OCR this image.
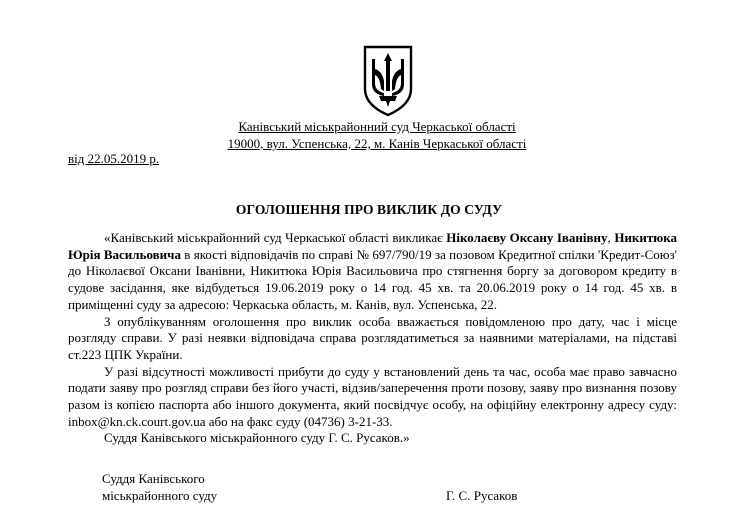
Канівський міськрайонний суд Черкаської області
19000, вул. Успенська, 22, м. Канів Черкаської області
від 22.05.2019 р.
ОГОЛОШЕННЯ ПРО ВИКЛИК ДО СУДУ

«Канівський міськрайонний суд Черкаської області викликає Ніколаєву Оксану Іванівну, Никитюка Юрія Васильовича в якості відповідачів по справі № 697/790/19 за позовом Кредитної спілки 'Кредит-Союз' до Ніколаєвої Оксани Іванівни, Никитюка Юрія Васильовича про стягнення боргу за договором кредиту в судове засідання, яке відбудеться 19.06.2019 року о 14 год. 45 хв. та 20.06.2019 року о 14 год. 45 хв. в приміщенні суду за адресою: Черкаська область, м. Канів, вул. Успенська, 22.

З опублікуванням оголошення про виклик особа вважається повідомленою про дату, час і місце розгляду справи. У разі неявки відповідача справа розглядатиметься за наявними матеріалами, на підставі ст.223 ЦПК України.

У разі відсутності можливості прибути до суду у встановлений день та час, особа має право завчасно подати заяву про розгляд справи без його участі, відзив/заперечення проти позову, заяву про визнання позову разом із копією паспорта або іншого документа, який посвідчує особу, на офіційну електронну адресу суду: inbox@kn.ck.court.gov.ua або на факс суду (04736) 3-21-33.

Суддя Канівського міськрайонного суду Г. С. Русаков.»

Суддя Канівського
міськрайонного суду	Г. С. Русаков
